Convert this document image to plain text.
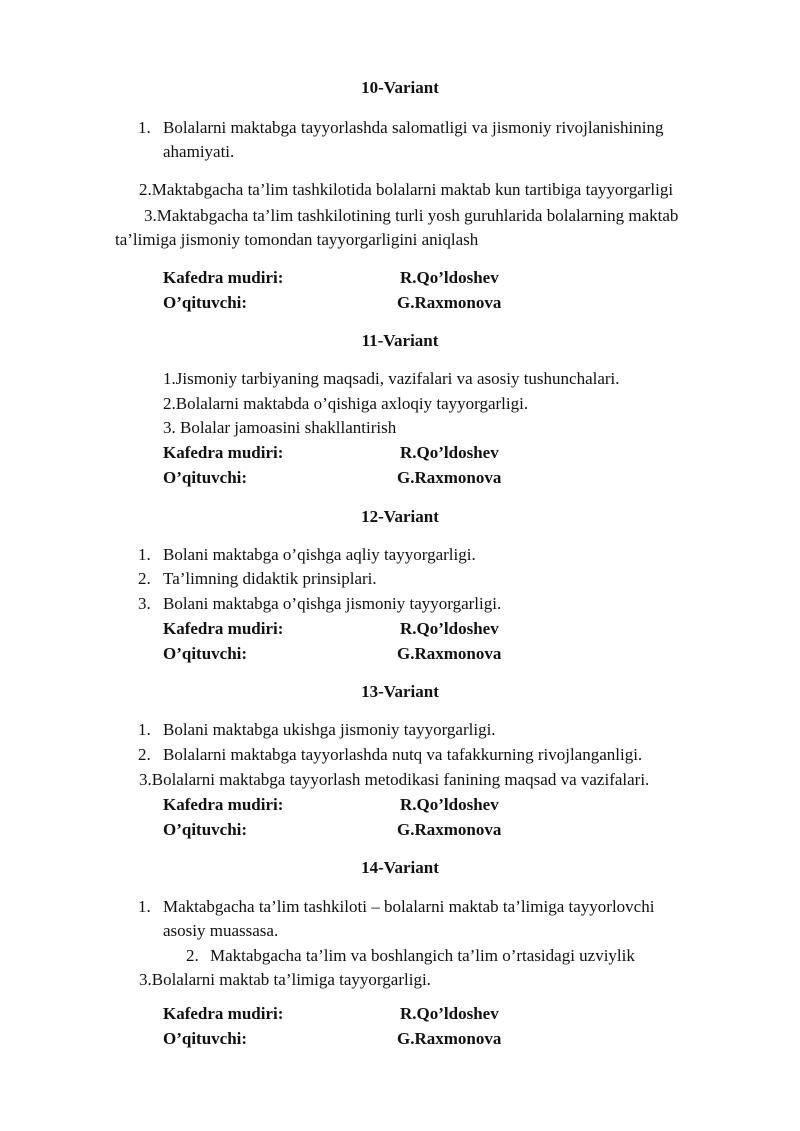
10-Variant
1. Bolalarni maktabga tayyorlashda salomatligi va jismoniy rivojlanishining
ahamiyati.
2.Maktabgacha ta’lim tashkilotida bolalarni maktab kun tartibiga tayyorgarligi
3.Maktabgacha ta’lim tashkilotining turli yosh guruhlarida bolalarning maktab
ta’limiga jismoniy tomondan tayyorgarligini aniqlash
Kafedra mudiri:	R.Qo’ldoshev
O’qituvchi:	G.Raxmonova
11-Variant
1.Jismoniy tarbiyaning maqsadi, vazifalari va asosiy tushunchalari.
2.Bolalarni maktabda o’qishiga axloqiy tayyorgarligi.
3. Bolalar jamoasini shakllantirish
Kafedra mudiri:	R.Qo’ldoshev
O’qituvchi:	G.Raxmonova
12-Variant
1. Bolani maktabga o’qishga aqliy tayyorgarligi.
2. Ta’limning didaktik prinsiplari.
3. Bolani maktabga o’qishga jismoniy tayyorgarligi.
Kafedra mudiri:	R.Qo’ldoshev
O’qituvchi:	G.Raxmonova
13-Variant
1. Bolani maktabga ukishga jismoniy tayyorgarligi.
2. Bolalarni maktabga tayyorlashda nutq va tafakkurning rivojlanganligi.
3.Bolalarni maktabga tayyorlash metodikasi fanining maqsad va vazifalari.
Kafedra mudiri:	R.Qo’ldoshev
O’qituvchi:	G.Raxmonova
14-Variant
1. Maktabgacha ta’lim tashkiloti – bolalarni maktab ta’limiga tayyorlovchi
asosiy muassasa.
2. Maktabgacha ta’lim va boshlangich ta’lim o’rtasidagi uzviylik
3.Bolalarni maktab ta’limiga tayyorgarligi.
Kafedra mudiri:	R.Qo’ldoshev
O’qituvchi:	G.Raxmonova
